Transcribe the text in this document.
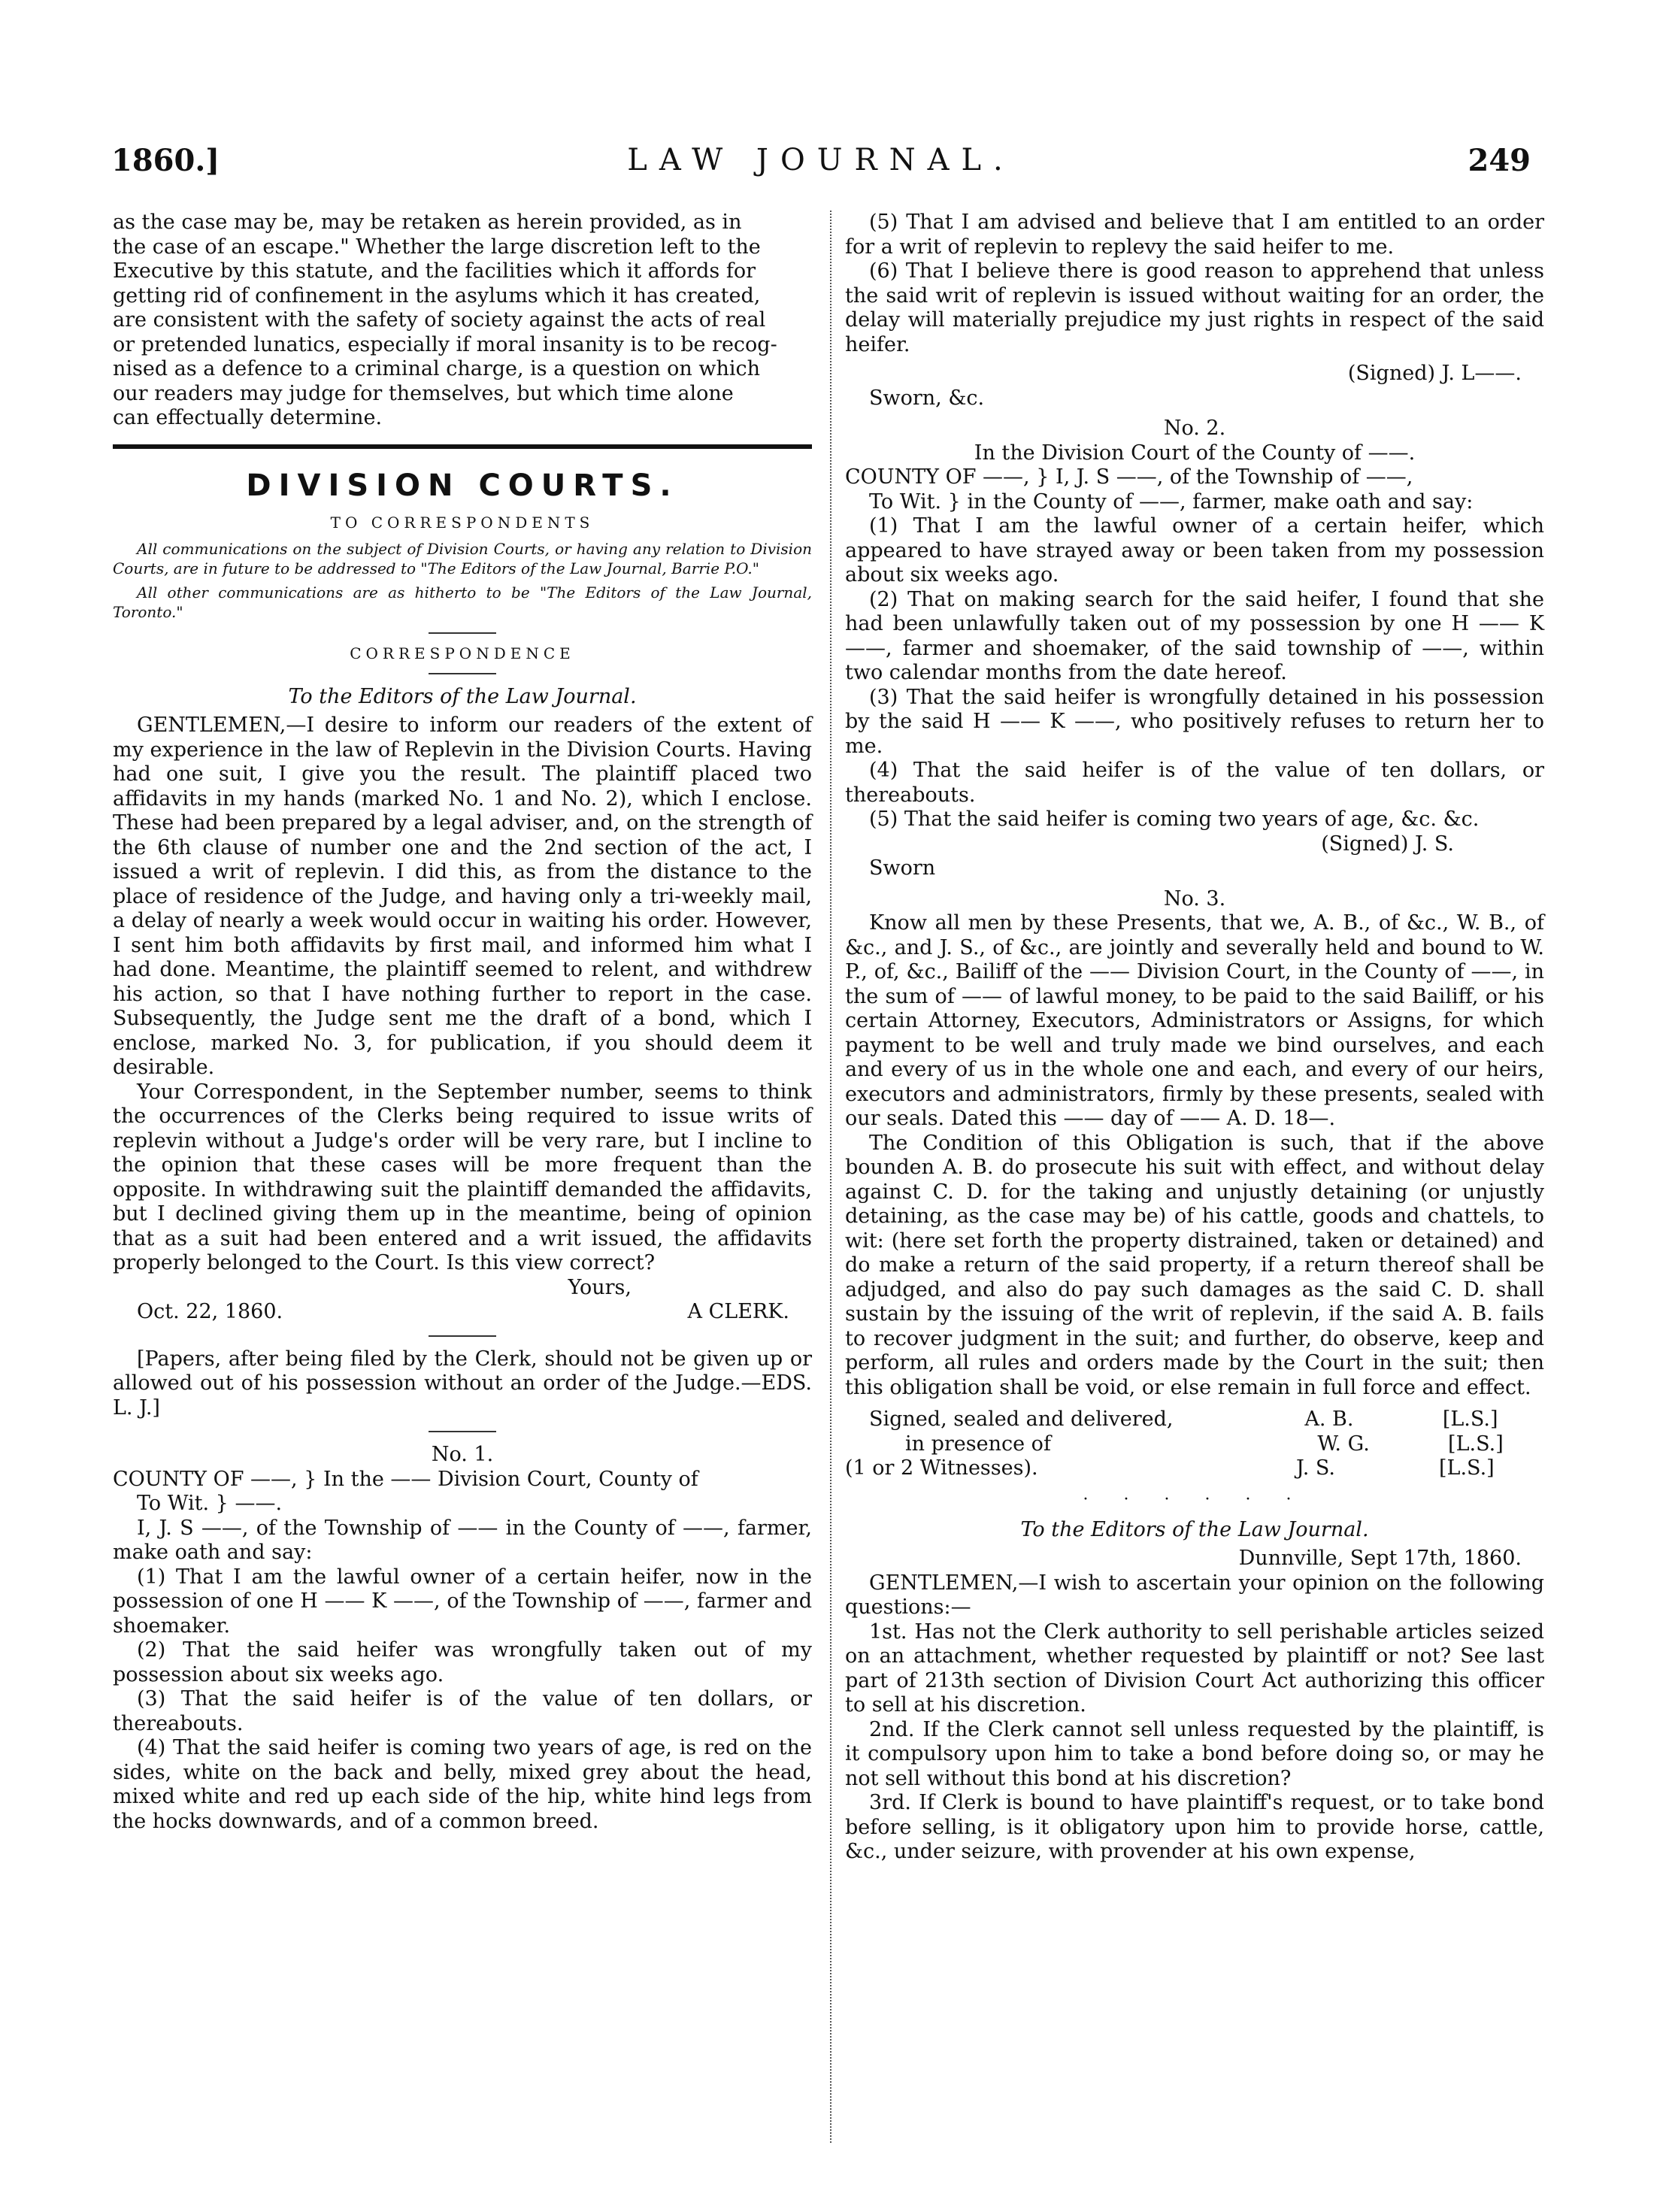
1860.]	LAW JOURNAL.	249

as the case may be, may be retaken as herein provided, as in

the case of an escape." Whether the large discretion left to the

Executive by this statute, and the facilities which it affords for

getting rid of confinement in the asylums which it has created,

are consistent with the safety of society against the acts of real

or pretended lunatics, especially if moral insanity is to be recog-

nised as a defence to a criminal charge, is a question on which

our readers may judge for themselves, but which time alone

can effectually determine.

DIVISION COURTS.
TO CORRESPONDENTS

All communications on the subject of Division Courts, or having any relation to Division Courts, are in future to be addressed to "The Editors of the Law Journal, Barrie P.O."

All other communications are as hitherto to be "The Editors of the Law Journal, Toronto."

CORRESPONDENCE

To the Editors of the Law Journal.

GENTLEMEN,—I desire to inform our readers of the extent of my experience in the law of Replevin in the Division Courts. Having had one suit, I give you the result. The plaintiff placed two affidavits in my hands (marked No. 1 and No. 2), which I enclose. These had been prepared by a legal adviser, and, on the strength of the 6th clause of number one and the 2nd section of the act, I issued a writ of replevin. I did this, as from the distance to the place of residence of the Judge, and having only a tri-weekly mail, a delay of nearly a week would occur in waiting his order. However, I sent him both affidavits by first mail, and informed him what I had done. Meantime, the plaintiff seemed to relent, and withdrew his action, so that I have nothing further to report in the case. Subsequently, the Judge sent me the draft of a bond, which I enclose, marked No. 3, for publication, if you should deem it desirable.

Your Correspondent, in the September number, seems to think the occurrences of the Clerks being required to issue writs of replevin without a Judge's order will be very rare, but I incline to the opinion that these cases will be more frequent than the opposite. In withdrawing suit the plaintiff demanded the affidavits, but I declined giving them up in the meantime, being of opinion that as a suit had been entered and a writ issued, the affidavits properly belonged to the Court. Is this view correct?

Yours,

Oct. 22, 1860.	A CLERK.

[Papers, after being filed by the Clerk, should not be given up or allowed out of his possession without an order of the Judge.—EDS. L. J.]

No. 1.

COUNTY OF ——, } In the —— Division Court, County of

To Wit. } ——.

I, J. S ——, of the Township of —— in the County of ——, farmer, make oath and say:

(1) That I am the lawful owner of a certain heifer, now in the possession of one H —— K ——, of the Township of ——, farmer and shoemaker.

(2) That the said heifer was wrongfully taken out of my possession about six weeks ago.

(3) That the said heifer is of the value of ten dollars, or thereabouts.

(4) That the said heifer is coming two years of age, is red on the sides, white on the back and belly, mixed grey about the head, mixed white and red up each side of the hip, white hind legs from the hocks downwards, and of a common breed.

(5) That I am advised and believe that I am entitled to an order for a writ of replevin to replevy the said heifer to me.

(6) That I believe there is good reason to apprehend that unless the said writ of replevin is issued without waiting for an order, the delay will materially prejudice my just rights in respect of the said heifer.

(Signed) J. L——.

Sworn, &c.

No. 2.

In the Division Court of the County of ——.

COUNTY OF ——, } I, J. S ——, of the Township of ——,

To Wit. } in the County of ——, farmer, make oath and say:

(1) That I am the lawful owner of a certain heifer, which appeared to have strayed away or been taken from my possession about six weeks ago.

(2) That on making search for the said heifer, I found that she had been unlawfully taken out of my possession by one H —— K ——, farmer and shoemaker, of the said township of ——, within two calendar months from the date hereof.

(3) That the said heifer is wrongfully detained in his possession by the said H —— K ——, who positively refuses to return her to me.

(4) That the said heifer is of the value of ten dollars, or thereabouts.

(5) That the said heifer is coming two years of age, &c. &c.

(Signed) J. S.

Sworn

No. 3.

Know all men by these Presents, that we, A. B., of &c., W. B., of &c., and J. S., of &c., are jointly and severally held and bound to W. P., of, &c., Bailiff of the —— Division Court, in the County of ——, in the sum of —— of lawful money, to be paid to the said Bailiff, or his certain Attorney, Executors, Administrators or Assigns, for which payment to be well and truly made we bind ourselves, and each and every of us in the whole one and each, and every of our heirs, executors and administrators, firmly by these presents, sealed with our seals. Dated this —— day of —— A. D. 18—.

The Condition of this Obligation is such, that if the above bounden A. B. do prosecute his suit with effect, and without delay against C. D. for the taking and unjustly detaining (or unjustly detaining, as the case may be) of his cattle, goods and chattels, to wit: (here set forth the property distrained, taken or detained) and do make a return of the said property, if a return thereof shall be adjudged, and also do pay such damages as the said C. D. shall sustain by the issuing of the writ of replevin, if the said A. B. fails to recover judgment in the suit; and further, do observe, keep and perform, all rules and orders made by the Court in the suit; then this obligation shall be void, or else remain in full force and effect.

Signed, sealed and delivered,	A. B.	[L.S.]

in presence of	W. G.	[L.S.]

(1 or 2 Witnesses).	J. S.	[L.S.]

· · · · · ·

To the Editors of the Law Journal.

Dunnville, Sept 17th, 1860.

GENTLEMEN,—I wish to ascertain your opinion on the following questions:—

1st. Has not the Clerk authority to sell perishable articles seized on an attachment, whether requested by plaintiff or not? See last part of 213th section of Division Court Act authorizing this officer to sell at his discretion.

2nd. If the Clerk cannot sell unless requested by the plaintiff, is it compulsory upon him to take a bond before doing so, or may he not sell without this bond at his discretion?

3rd. If Clerk is bound to have plaintiff's request, or to take bond before selling, is it obligatory upon him to provide horse, cattle, &c., under seizure, with provender at his own expense,
